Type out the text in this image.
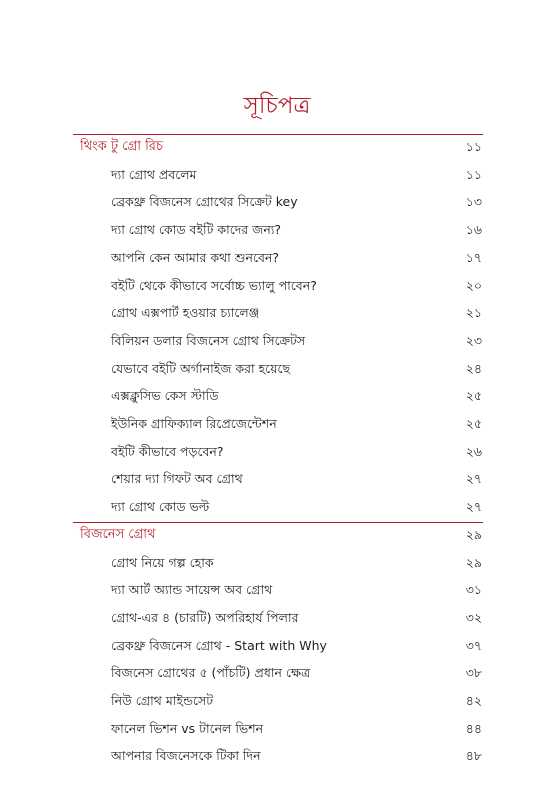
সূচিপত্র
থিংক টু গ্রো রিচ	১১
দ্যা গ্রোথ প্রবলেম	১১
ব্রেকথ্রু বিজনেস গ্রোথের সিক্রেট key	১৩
দ্যা গ্রোথ কোড বইটি কাদের জন্য?	১৬
আপনি কেন আমার কথা শুনবেন?	১৭
বইটি থেকে কীভাবে সর্বোচ্চ ভ্যালু পাবেন?	২০
গ্রোথ এক্সপার্ট হওয়ার চ্যালেঞ্জ	২১
বিলিয়ন ডলার বিজনেস গ্রোথ সিক্রেটস	২৩
যেভাবে বইটি অর্গানাইজ করা হয়েছে	২৪
এক্সক্লুসিভ কেস স্টাডি	২৫
ইউনিক গ্রাফিক্যাল রিপ্রেজেন্টেশন	২৫
বইটি কীভাবে পড়বেন?	২৬
শেয়ার দ্যা গিফট অব গ্রোথ	২৭
দ্যা গ্রোথ কোড ভল্ট	২৭
বিজনেস গ্রোথ	২৯
গ্রোথ নিয়ে গল্প হোক	২৯
দ্যা আর্ট অ্যান্ড সায়েন্স অব গ্রোথ	৩১
গ্রোথ-এর ৪ (চারটি) অপরিহার্য পিলার	৩২
ব্রেকথ্রু বিজনেস গ্রোথ - Start with Why	৩৭
বিজনেস গ্রোথের ৫ (পাঁচটি) প্রধান ক্ষেত্র	৩৮
নিউ গ্রোথ মাইন্ডসেট	৪২
ফানেল ভিশন vs টানেল ভিশন	৪৪
আপনার বিজনেসকে টিকা দিন	৪৮
